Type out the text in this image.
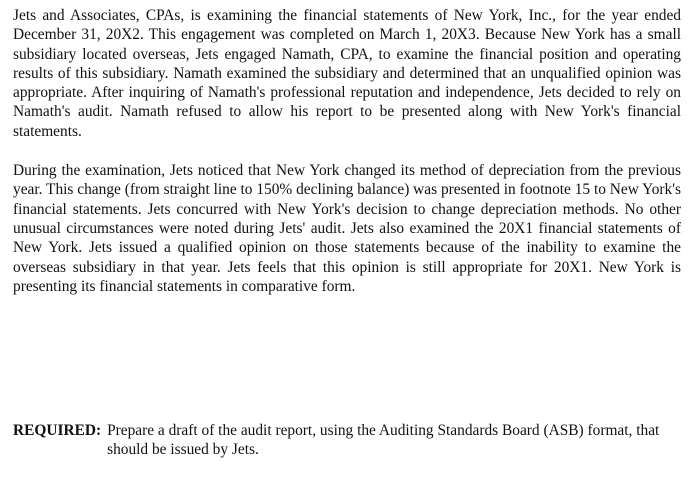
Jets and Associates, CPAs, is examining the financial statements of New York, Inc., for the year ended December 31, 20X2. This engagement was completed on March 1, 20X3. Because New York has a small subsidiary located overseas, Jets engaged Namath, CPA, to examine the financial position and operating results of this subsidiary. Namath examined the subsidiary and determined that an unqualified opinion was appropriate. After inquiring of Namath's professional reputation and independence, Jets decided to rely on Namath's audit. Namath refused to allow his report to be presented along with New York's financial statements.

During the examination, Jets noticed that New York changed its method of depreciation from the previous year. This change (from straight line to 150% declining balance) was presented in footnote 15 to New York's financial statements. Jets concurred with New York's decision to change depreciation methods. No other unusual circumstances were noted during Jets' audit. Jets also examined the 20X1 financial statements of New York. Jets issued a qualified opinion on those statements because of the inability to examine the overseas subsidiary in that year. Jets feels that this opinion is still appropriate for 20X1. New York is presenting its financial statements in comparative form.

REQUIRED: Prepare a draft of the audit report, using the Auditing Standards Board (ASB) format, that should be issued by Jets.
